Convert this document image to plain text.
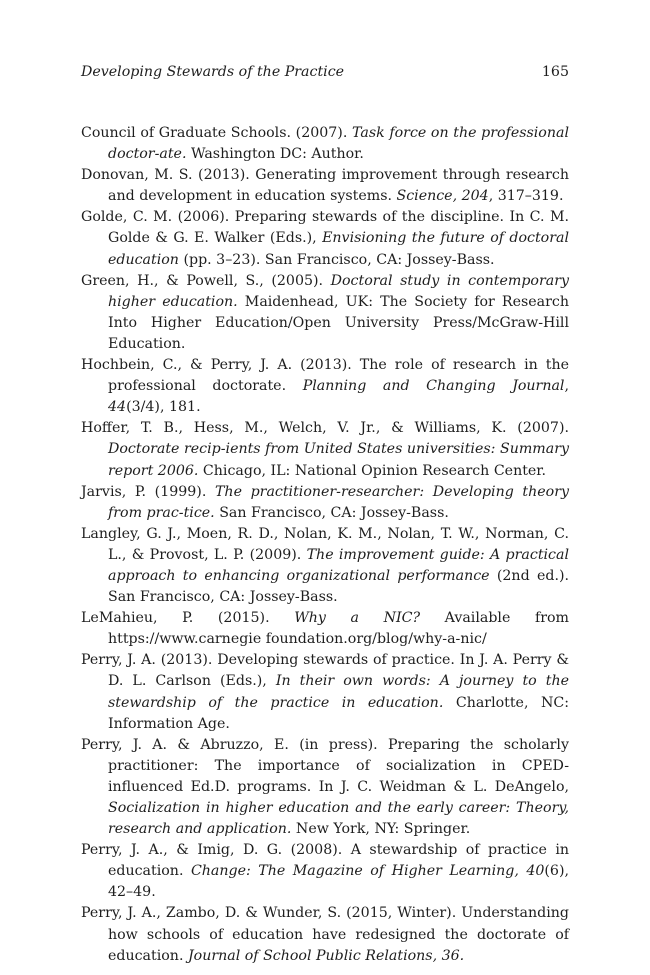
Developing Stewards of the Practice	165
Council of Graduate Schools. (2007). Task force on the professional doctor-ate. Washington DC: Author.
Donovan, M. S. (2013). Generating improvement through research and development in education systems. Science, 204, 317–319.
Golde, C. M. (2006). Preparing stewards of the discipline. In C. M. Golde & G. E. Walker (Eds.), Envisioning the future of doctoral education (pp. 3–23). San Francisco, CA: Jossey-Bass.
Green, H., & Powell, S., (2005). Doctoral study in contemporary higher education. Maidenhead, UK: The Society for Research Into Higher Education/Open University Press/McGraw-Hill Education.
Hochbein, C., & Perry, J. A. (2013). The role of research in the professional doctorate. Planning and Changing Journal, 44(3/4), 181.
Hoffer, T. B., Hess, M., Welch, V. Jr., & Williams, K. (2007). Doctorate recip-ients from United States universities: Summary report 2006. Chicago, IL: National Opinion Research Center.
Jarvis, P. (1999). The practitioner-researcher: Developing theory from prac-tice. San Francisco, CA: Jossey-Bass.
Langley, G. J., Moen, R. D., Nolan, K. M., Nolan, T. W., Norman, C. L., & Provost, L. P. (2009). The improvement guide: A practical approach to enhancing organizational performance (2nd ed.). San Francisco, CA: Jossey-Bass.
LeMahieu, P. (2015). Why a NIC? Available from https://www.carnegie foundation.org/blog/why-a-nic/
Perry, J. A. (2013). Developing stewards of practice. In J. A. Perry & D. L. Carlson (Eds.), In their own words: A journey to the stewardship of the practice in education. Charlotte, NC: Information Age.
Perry, J. A. & Abruzzo, E. (in press). Preparing the scholarly practitioner: The importance of socialization in CPED-influenced Ed.D. programs. In J. C. Weidman & L. DeAngelo, Socialization in higher education and the early career: Theory, research and application. New York, NY: Springer.
Perry, J. A., & Imig, D. G. (2008). A stewardship of practice in education. Change: The Magazine of Higher Learning, 40(6), 42–49.
Perry, J. A., Zambo, D. & Wunder, S. (2015, Winter). Understanding how schools of education have redesigned the doctorate of education. Journal of School Public Relations, 36.
